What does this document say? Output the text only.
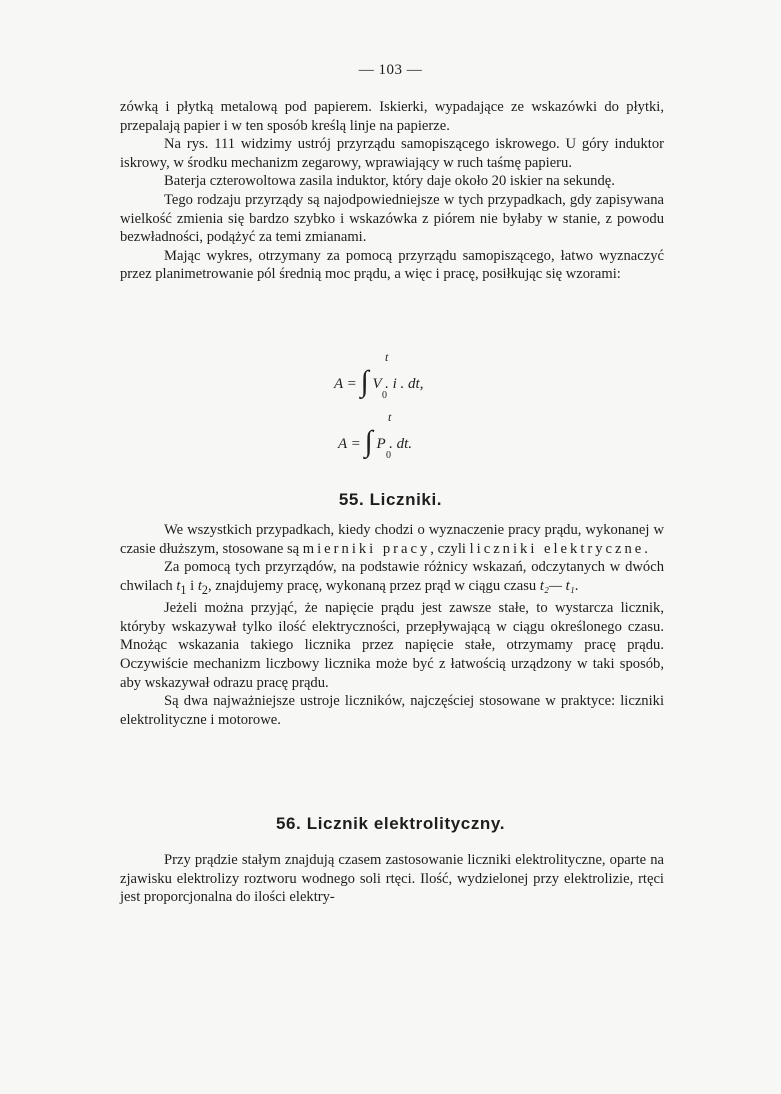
— 103 —

zówką i płytką metalową pod papierem. Iskierki, wypadające ze wskazówki do płytki, przepalają papier i w ten sposób kreślą linje na papierze.

Na rys. 111 widzimy ustrój przyrządu samopiszącego iskrowego. U góry induktor iskrowy, w środku mechanizm zegarowy, wprawiający w ruch taśmę papieru.

Baterja czterowoltowa zasila induktor, który daje około 20 iskier na sekundę.

Tego rodzaju przyrządy są najodpowiedniejsze w tych przypadkach, gdy zapisywana wielkość zmienia się bardzo szybko i wskazówka z piórem nie byłaby w stanie, z powodu bezwładności, podążyć za temi zmianami.

Mając wykres, otrzymany za pomocą przyrządu samopiszącego, łatwo wyznaczyć przez planimetrowanie pól średnią moc prądu, a więc i pracę, posiłkując się wzorami:

A = ∫
t
0
V . i . dt,
A = ∫
t
0
P . dt.
55. Liczniki.

We wszystkich przypadkach, kiedy chodzi o wyznaczenie pracy prądu, wykonanej w czasie dłuższym, stosowane są mierniki pracy, czyli liczniki elektryczne.

Za pomocą tych przyrządów, na podstawie różnicy wskazań, odczytanych w dwóch chwilach $t_1$ i $t_2$, znajdujemy pracę, wykonaną przez prąd w ciągu czasu t₂— t₁.

Jeżeli można przyjąć, że napięcie prądu jest zawsze stałe, to wystarcza licznik, któryby wskazywał tylko ilość elektryczności, przepływającą w ciągu określonego czasu. Mnożąc wskazania takiego licznika przez napięcie stałe, otrzymamy pracę prądu. Oczywiście mechanizm liczbowy licznika może być z łatwością urządzony w taki sposób, aby wskazywał odrazu pracę prądu.

Są dwa najważniejsze ustroje liczników, najczęściej stosowane w praktyce: liczniki elektrolityczne i motorowe.

56. Licznik elektrolityczny.

Przy prądzie stałym znajdują czasem zastosowanie liczniki elektrolityczne, oparte na zjawisku elektrolizy roztworu wodnego soli rtęci. Ilość, wydzielonej przy elektrolizie, rtęci jest proporcjonalna do ilości elektry-
